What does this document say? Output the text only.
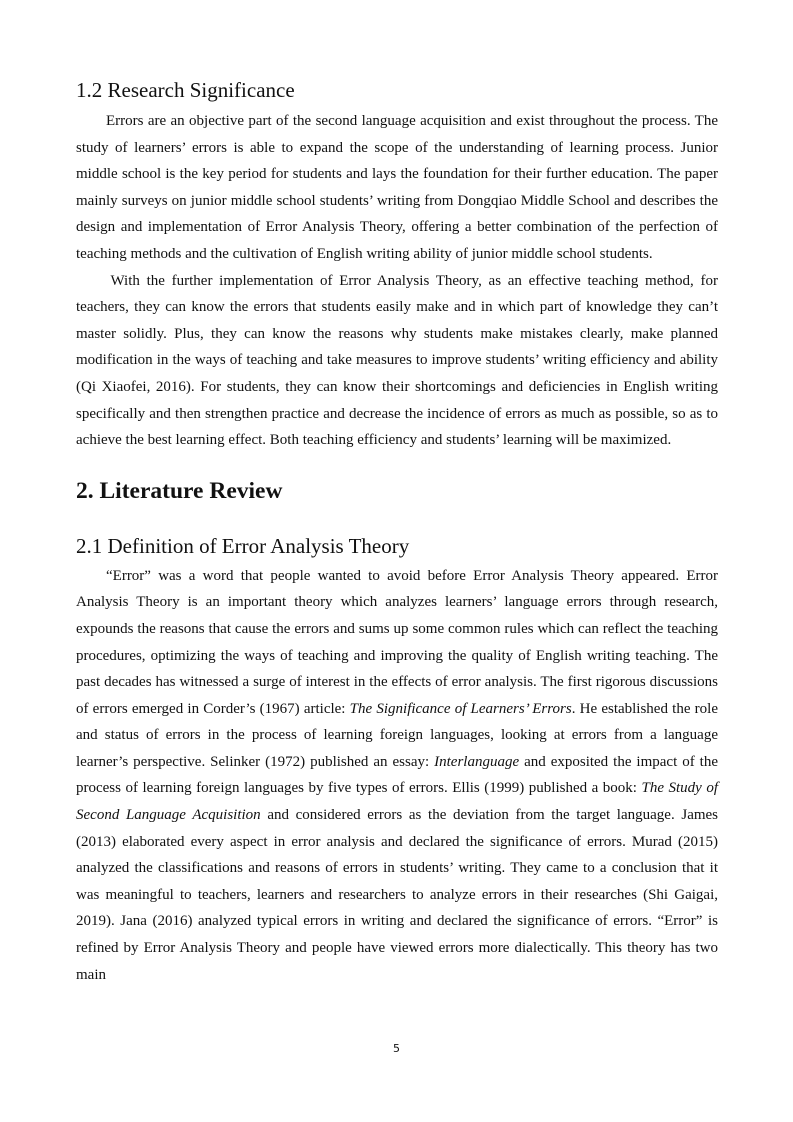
1.2 Research Significance

Errors are an objective part of the second language acquisition and exist throughout the process. The study of learners’ errors is able to expand the scope of the understanding of learning process. Junior middle school is the key period for students and lays the foundation for their further education. The paper mainly surveys on junior middle school students’ writing from Dongqiao Middle School and describes the design and implementation of Error Analysis Theory, offering a better combination of the perfection of teaching methods and the cultivation of English writing ability of junior middle school students.

With the further implementation of Error Analysis Theory, as an effective teaching method, for teachers, they can know the errors that students easily make and in which part of knowledge they can’t master solidly. Plus, they can know the reasons why students make mistakes clearly, make planned modification in the ways of teaching and take measures to improve students’ writing efficiency and ability (Qi Xiaofei, 2016). For students, they can know their shortcomings and deficiencies in English writing specifically and then strengthen practice and decrease the incidence of errors as much as possible, so as to achieve the best learning effect. Both teaching efficiency and students’ learning will be maximized.

2. Literature Review
2.1 Definition of Error Analysis Theory

“Error” was a word that people wanted to avoid before Error Analysis Theory appeared. Error Analysis Theory is an important theory which analyzes learners’ language errors through research, expounds the reasons that cause the errors and sums up some common rules which can reflect the teaching procedures, optimizing the ways of teaching and improving the quality of English writing teaching. The past decades has witnessed a surge of interest in the effects of error analysis. The first rigorous discussions of errors emerged in Corder’s (1967) article: The Significance of Learners’ Errors. He established the role and status of errors in the process of learning foreign languages, looking at errors from a language learner’s perspective. Selinker (1972) published an essay: Interlanguage and exposited the impact of the process of learning foreign languages by five types of errors. Ellis (1999) published a book: The Study of Second Language Acquisition and considered errors as the deviation from the target language. James (2013) elaborated every aspect in error analysis and declared the significance of errors. Murad (2015) analyzed the classifications and reasons of errors in students’ writing. They came to a conclusion that it was meaningful to teachers, learners and researchers to analyze errors in their researches (Shi Gaigai, 2019). Jana (2016) analyzed typical errors in writing and declared the significance of errors. “Error” is refined by Error Analysis Theory and people have viewed errors more dialectically. This theory has two main

5
